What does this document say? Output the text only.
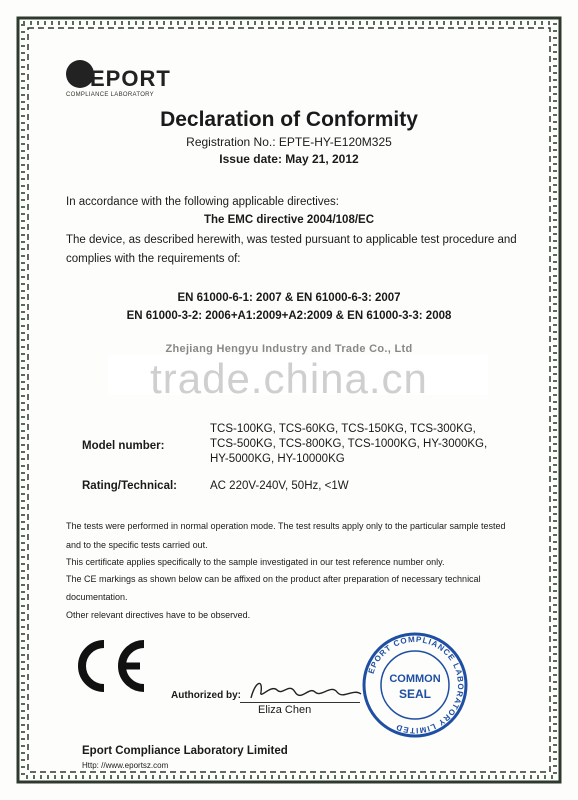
EPORT
COMPLIANCE LABORATORY
Declaration of Conformity
Registration No.: EPTE-HY-E120M325
Issue date: May 21, 2012
In accordance with the following applicable directives:
The EMC directive 2004/108/EC
The device, as described herewith, was tested pursuant to applicable test procedure and
complies with the requirements of:
EN 61000-6-1: 2007 & EN 61000-6-3: 2007
EN 61000-3-2: 2006+A1:2009+A2:2009 & EN 61000-3-3: 2008
Zhejiang Hengyu Industry and Trade Co., Ltd
trade.china.cn
Model number:
TCS-100KG, TCS-60KG, TCS-150KG, TCS-300KG,
TCS-500KG, TCS-800KG, TCS-1000KG, HY-3000KG,
HY-5000KG, HY-10000KG
Rating/Technical:	AC 220V-240V, 50Hz, <1W
The tests were performed in normal operation mode. The test results apply only to the particular sample tested
and to the specific tests carried out.
This certificate applies specifically to the sample investigated in our test reference number only.
The CE markings as shown below can be affixed on the product after preparation of necessary technical
documentation.
Other relevant directives have to be observed.
Authorized by:
Eliza Chen
EPORT COMPLIANCE LABORATORY LIMITED
COMMON
SEAL
Eport Compliance Laboratory Limited
Http: //www.eportsz.com
